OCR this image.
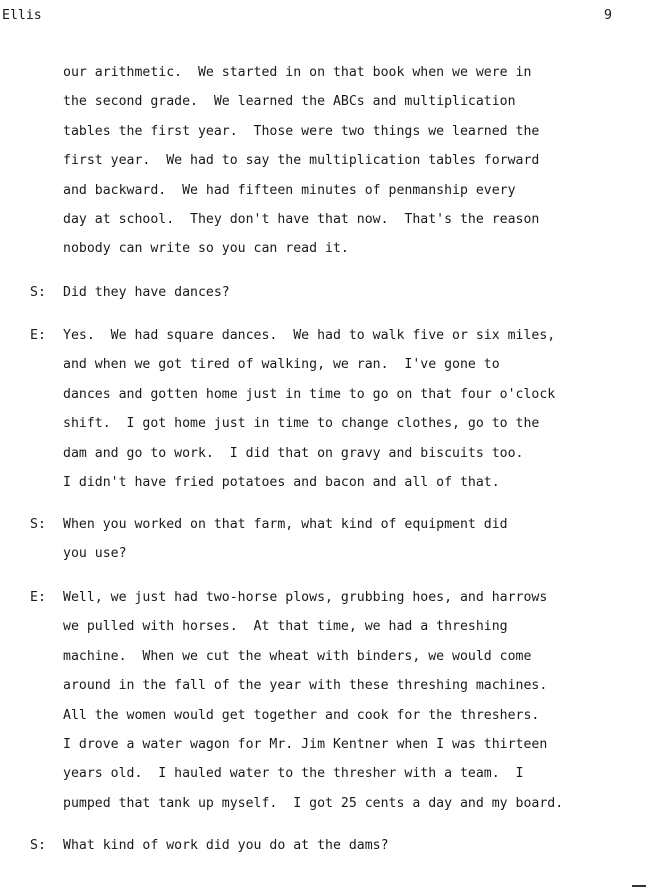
Ellis	9
our arithmetic.  We started in on that book when we were in
the second grade.  We learned the ABCs and multiplication
tables the first year.  Those were two things we learned the
first year.  We had to say the multiplication tables forward
and backward.  We had fifteen minutes of penmanship every
day at school.  They don't have that now.  That's the reason
nobody can write so you can read it.
S: Did they have dances?
E: Yes.  We had square dances.  We had to walk five or six miles,
and when we got tired of walking, we ran.  I've gone to
dances and gotten home just in time to go on that four o'clock
shift.  I got home just in time to change clothes, go to the
dam and go to work.  I did that on gravy and biscuits too.
I didn't have fried potatoes and bacon and all of that.
S: When you worked on that farm, what kind of equipment did
you use?
E: Well, we just had two-horse plows, grubbing hoes, and harrows
we pulled with horses.  At that time, we had a threshing
machine.  When we cut the wheat with binders, we would come
around in the fall of the year with these threshing machines.
All the women would get together and cook for the threshers.
I drove a water wagon for Mr. Jim Kentner when I was thirteen
years old.  I hauled water to the thresher with a team.  I
pumped that tank up myself.  I got 25 cents a day and my board.
S: What kind of work did you do at the dams?
